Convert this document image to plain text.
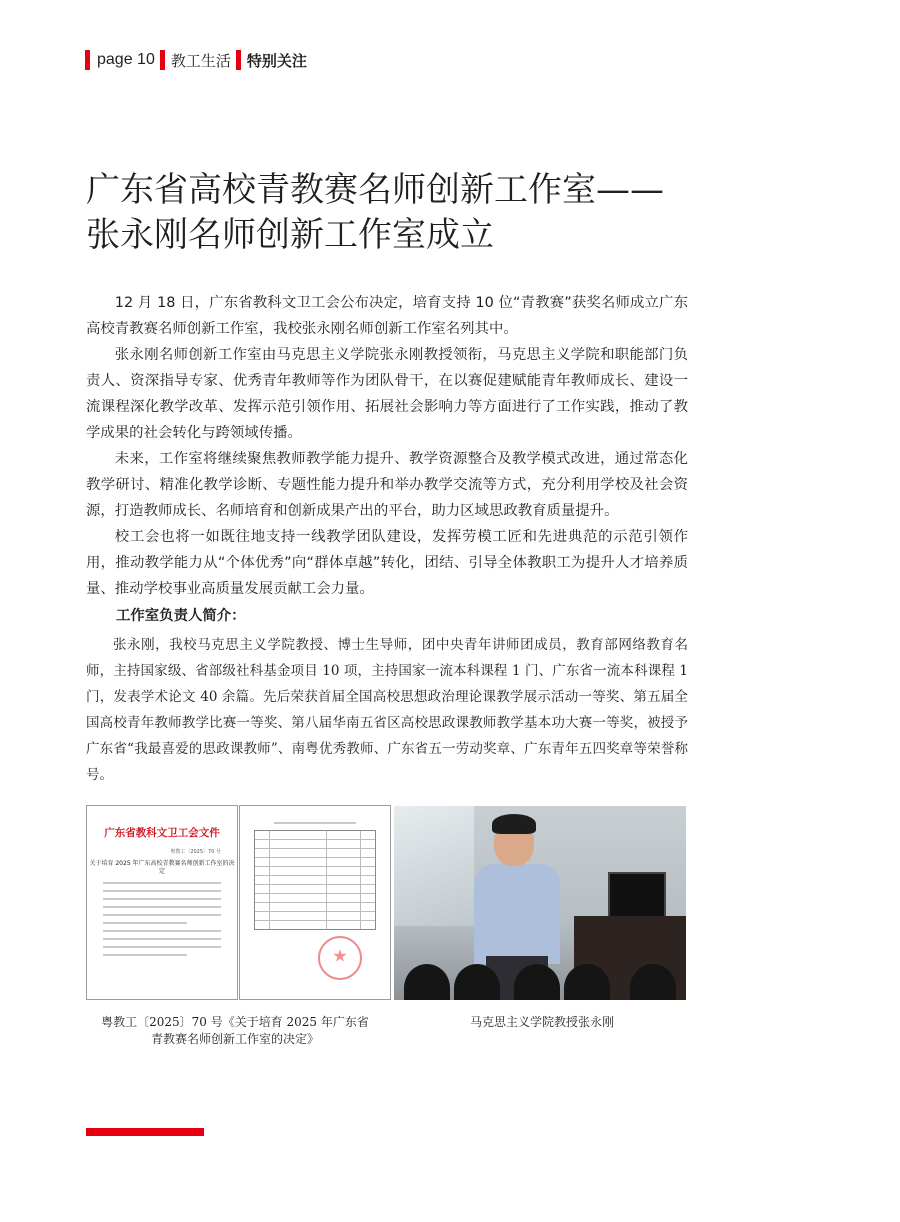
page 10 教工生活 特别关注
广东省高校青教赛名师创新工作室——
张永刚名师创新工作室成立

12 月 18 日，广东省教科文卫工会公布决定，培育支持 10 位“青教赛”获奖名师成立广东高校青教赛名师创新工作室，我校张永刚名师创新工作室名列其中。

张永刚名师创新工作室由马克思主义学院张永刚教授领衔，马克思主义学院和职能部门负责人、资深指导专家、优秀青年教师等作为团队骨干，在以赛促建赋能青年教师成长、建设一流课程深化教学改革、发挥示范引领作用、拓展社会影响力等方面进行了工作实践，推动了教学成果的社会转化与跨领域传播。

未来，工作室将继续聚焦教师教学能力提升、教学资源整合及教学模式改进，通过常态化教学研讨、精准化教学诊断、专题性能力提升和举办教学交流等方式，充分利用学校及社会资源，打造教师成长、名师培育和创新成果产出的平台，助力区域思政教育质量提升。

校工会也将一如既往地支持一线教学团队建设，发挥劳模工匠和先进典范的示范引领作用，推动教学能力从“个体优秀”向“群体卓越”转化，团结、引导全体教职工为提升人才培养质量、推动学校事业高质量发展贡献工会力量。

工作室负责人简介：

张永刚，我校马克思主义学院教授、博士生导师，团中央青年讲师团成员，教育部网络教育名师，主持国家级、省部级社科基金项目 10 项，主持国家一流本科课程 1 门、广东省一流本科课程 1 门，发表学术论文 40 余篇。先后荣获首届全国高校思想政治理论课教学展示活动一等奖、第五届全国高校青年教师教学比赛一等奖、第八届华南五省区高校思政课教师教学基本功大赛一等奖，被授予广东省“我最喜爱的思政课教师”、南粤优秀教师、广东省五一劳动奖章、广东青年五四奖章等荣誉称号。

广东省教科文卫工会文件
粤教工〔2025〕70 号
关于培育 2025 年广东高校青教赛名师创新工作室的决定
粤教工〔2025〕70 号《关于培育 2025 年广东省
青教赛名师创新工作室的决定》
马克思主义学院教授张永刚
